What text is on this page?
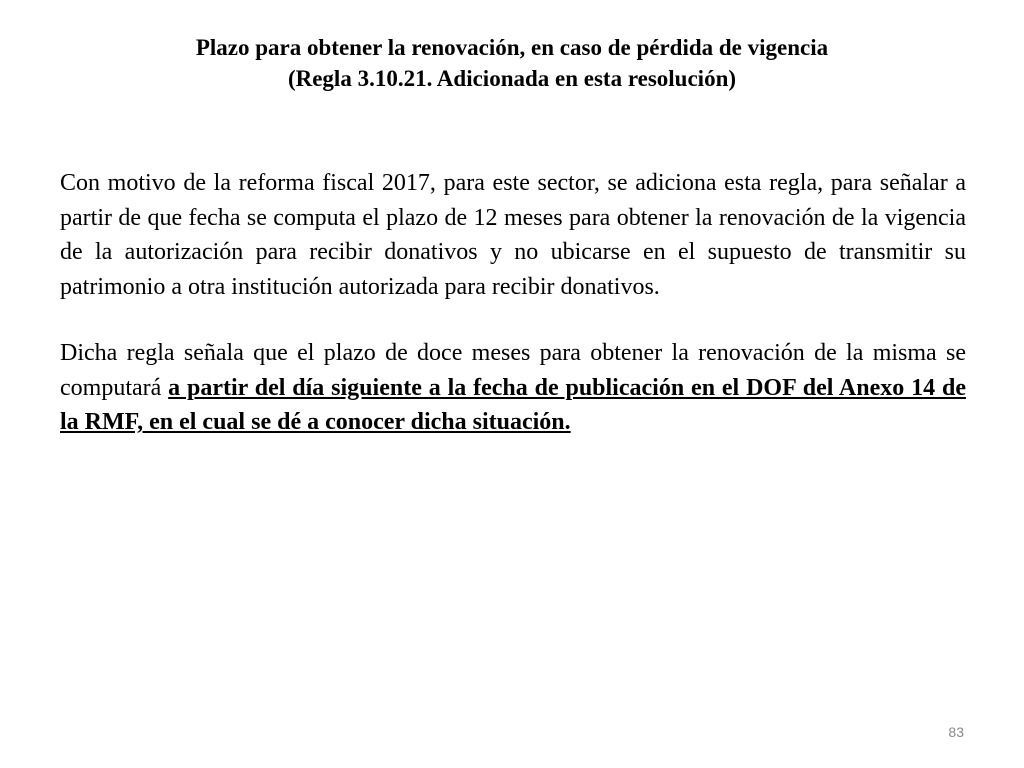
Plazo para obtener la renovación, en caso de pérdida de vigencia
(Regla 3.10.21. Adicionada en esta resolución)

Con motivo de la reforma fiscal 2017, para este sector, se adiciona esta regla, para señalar a partir de que fecha se computa el plazo de 12 meses para obtener la renovación de la vigencia de la autorización para recibir donativos y no ubicarse en el supuesto de transmitir su patrimonio a otra institución autorizada para recibir donativos.

Dicha regla señala que el plazo de doce meses para obtener la renovación de la misma se computará a partir del día siguiente a la fecha de publicación en el DOF del Anexo 14 de la RMF, en el cual se dé a conocer dicha situación.

83
